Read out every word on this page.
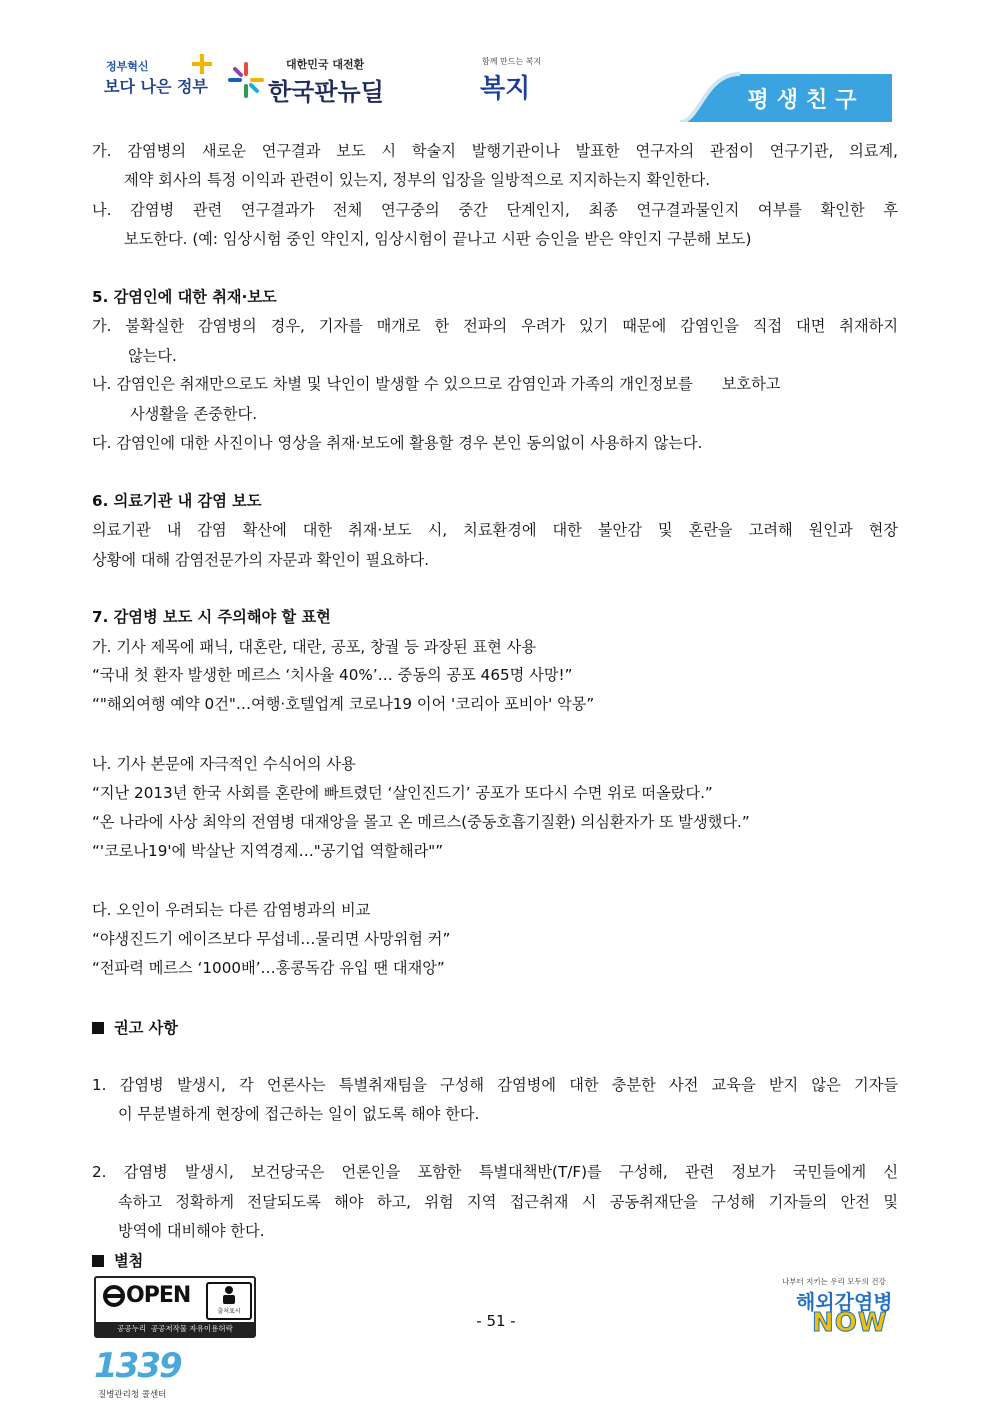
정부혁신
보다 나은 정부
대한민국 대전환
한국판뉴딜
함께 만드는 복지
복지	평생친구
가. 감염병의 새로운 연구결과 보도 시 학술지 발행기관이나 발표한 연구자의 관점이 연구기관, 의료계,
제약 회사의 특정 이익과 관련이 있는지, 정부의 입장을 일방적으로 지지하는지 확인한다.
나. 감염병 관련 연구결과가 전체 연구중의 중간 단계인지, 최종 연구결과물인지 여부를 확인한 후
보도한다. (예: 임상시험 중인 약인지, 임상시험이 끝나고 시판 승인을 받은 약인지 구분해 보도)
5. 감염인에 대한 취재·보도
가. 불확실한 감염병의 경우, 기자를 매개로 한 전파의 우려가 있기 때문에 감염인을 직접 대면 취재하지
않는다.
나. 감염인은 취재만으로도 차별 및 낙인이 발생할 수 있으므로 감염인과 가족의 개인정보를      보호하고
사생활을 존중한다.
다. 감염인에 대한 사진이나 영상을 취재·보도에 활용할 경우 본인 동의없이 사용하지 않는다.
6. 의료기관 내 감염 보도
의료기관 내 감염 확산에 대한 취재·보도 시, 치료환경에 대한 불안감 및 혼란을 고려해 원인과 현장
상황에 대해 감염전문가의 자문과 확인이 필요하다.
7. 감염병 보도 시 주의해야 할 표현
가. 기사 제목에 패닉, 대혼란, 대란, 공포, 창궐 등 과장된 표현 사용
“국내 첫 환자 발생한 메르스 ‘치사율 40%’… 중동의 공포 465명 사망!”
“"해외여행 예약 0건"…여행·호텔업계 코로나19 이어 '코리아 포비아' 악몽”
나. 기사 본문에 자극적인 수식어의 사용
“지난 2013년 한국 사회를 혼란에 빠트렸던 ‘살인진드기’ 공포가 또다시 수면 위로 떠올랐다.”
“온 나라에 사상 최악의 전염병 대재앙을 몰고 온 메르스(중동호흡기질환) 의심환자가 또 발생했다.”
“'코로나19'에 박살난 지역경제…"공기업 역할해라"”
다. 오인이 우려되는 다른 감염병과의 비교
“야생진드기 에이즈보다 무섭네…물리면 사망위험 커”
“전파력 메르스 ‘1000배’…홍콩독감 유입 땐 대재앙”
권고 사항
1. 감염병 발생시, 각 언론사는 특별취재팀을 구성해 감염병에 대한 충분한 사전 교육을 받지 않은 기자들
이 무분별하게 현장에 접근하는 일이 없도록 해야 한다.
2. 감염병 발생시, 보건당국은 언론인을 포함한 특별대책반(T/F)를 구성해, 관련 정보가 국민들에게 신
속하고 정확하게 전달되도록 해야 하고, 위험 지역 접근취재 시 공동취재단을 구성해 기자들의 안전 및
방역에 대비해야 한다.
별첨
OPEN
출처표시
공공누리  공공저작물 자유이용허락	- 51 -
1339
질병관리청 콜센터
나부터 지키는 우리 모두의 건강
해외감염병
NOW
